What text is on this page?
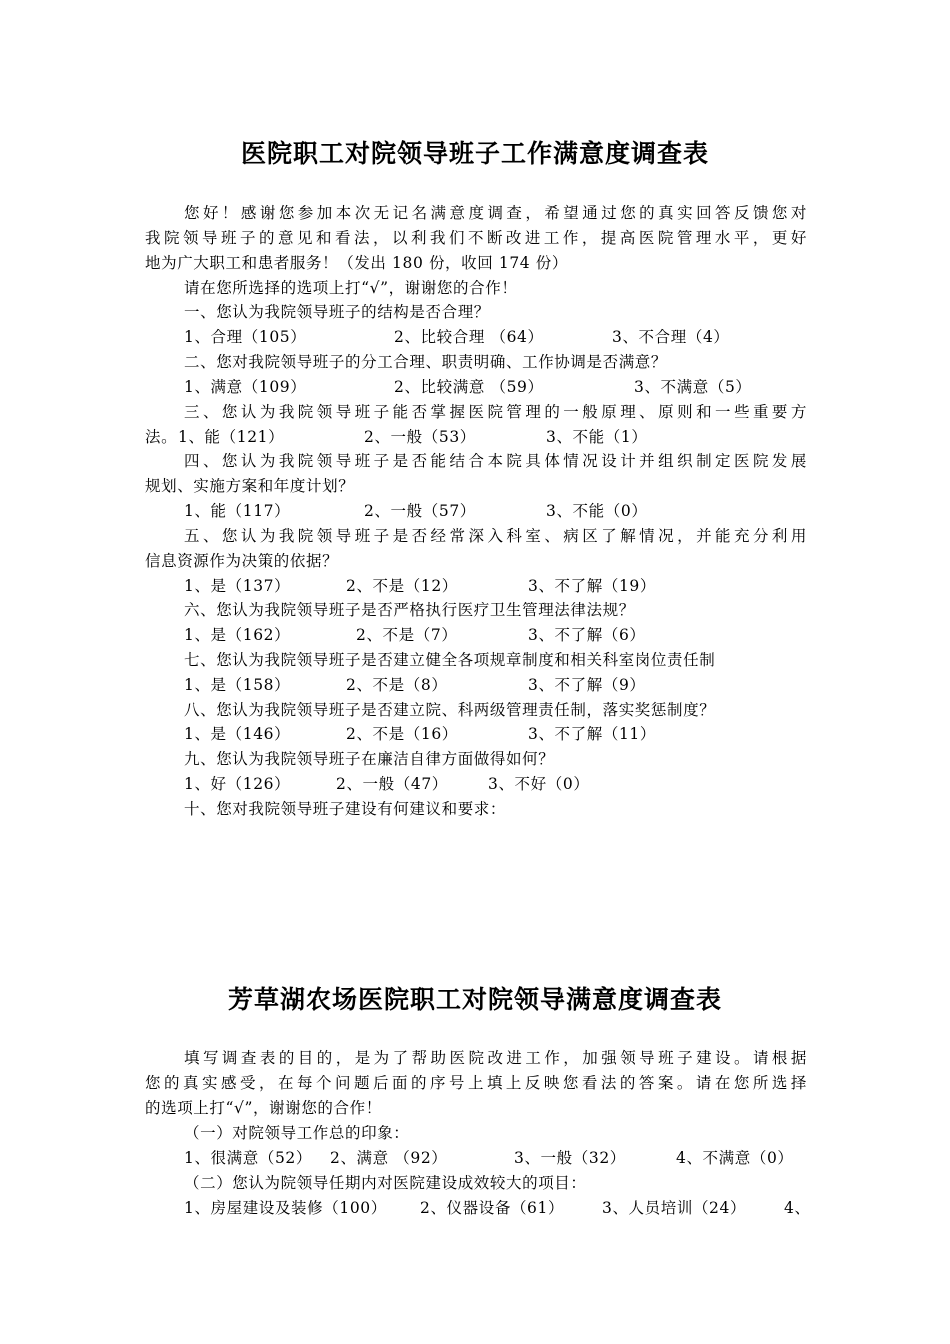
医院职工对院领导班子工作满意度调查表
您好！感谢您参加本次无记名满意度调查，希望通过您的真实回答反馈您对
我院领导班子的意见和看法，以利我们不断改进工作，提高医院管理水平，更好
地为广大职工和患者服务！（发出 180 份，收回 174 份）
请在您所选择的选项上打“√”，谢谢您的合作！
一、您认为我院领导班子的结构是否合理？
1、合理（105）	2、比较合理 （64）	3、不合理（4）
二、您对我院领导班子的分工合理、职责明确、工作协调是否满意？
1、满意（109）	2、比较满意 （59）	3、不满意（5）
三、您认为我院领导班子能否掌握医院管理的一般原理、原则和一些重要方
法。 1、能（121）	2、一般（53）	3、不能（1）
四、您认为我院领导班子是否能结合本院具体情况设计并组织制定医院发展
规划、实施方案和年度计划？
1、能（117）	2、一般（57）	3、不能（0）
五、您认为我院领导班子是否经常深入科室、病区了解情况，并能充分利用
信息资源作为决策的依据？
1、是（137）	2、不是（12）	3、不了解（19）
六、您认为我院领导班子是否严格执行医疗卫生管理法律法规？
1、是（162）	2、不是（7）	3、不了解（6）
七、您认为我院领导班子是否建立健全各项规章制度和相关科室岗位责任制
1、是（158）	2、不是（8）	3、不了解（9）
八、您认为我院领导班子是否建立院、科两级管理责任制，落实奖惩制度？
1、是（146）	2、不是（16）	3、不了解（11）
九、您认为我院领导班子在廉洁自律方面做得如何？
1、好（126）	2、一般（47）	3、不好（0）
十、您对我院领导班子建设有何建议和要求：
芳草湖农场医院职工对院领导满意度调查表
填写调查表的目的，是为了帮助医院改进工作，加强领导班子建设。请根据
您的真实感受，在每个问题后面的序号上填上反映您看法的答案。请在您所选择
的选项上打“√”，谢谢您的合作！
（一）对院领导工作总的印象：
1、很满意（52） 2、满意 （92）	3、一般（32）	4、不满意（0）
（二）您认为院领导任期内对医院建设成效较大的项目：
1、房屋建设及装修（100） 2、仪器设备（61） 3、人员培训（24） 4、
